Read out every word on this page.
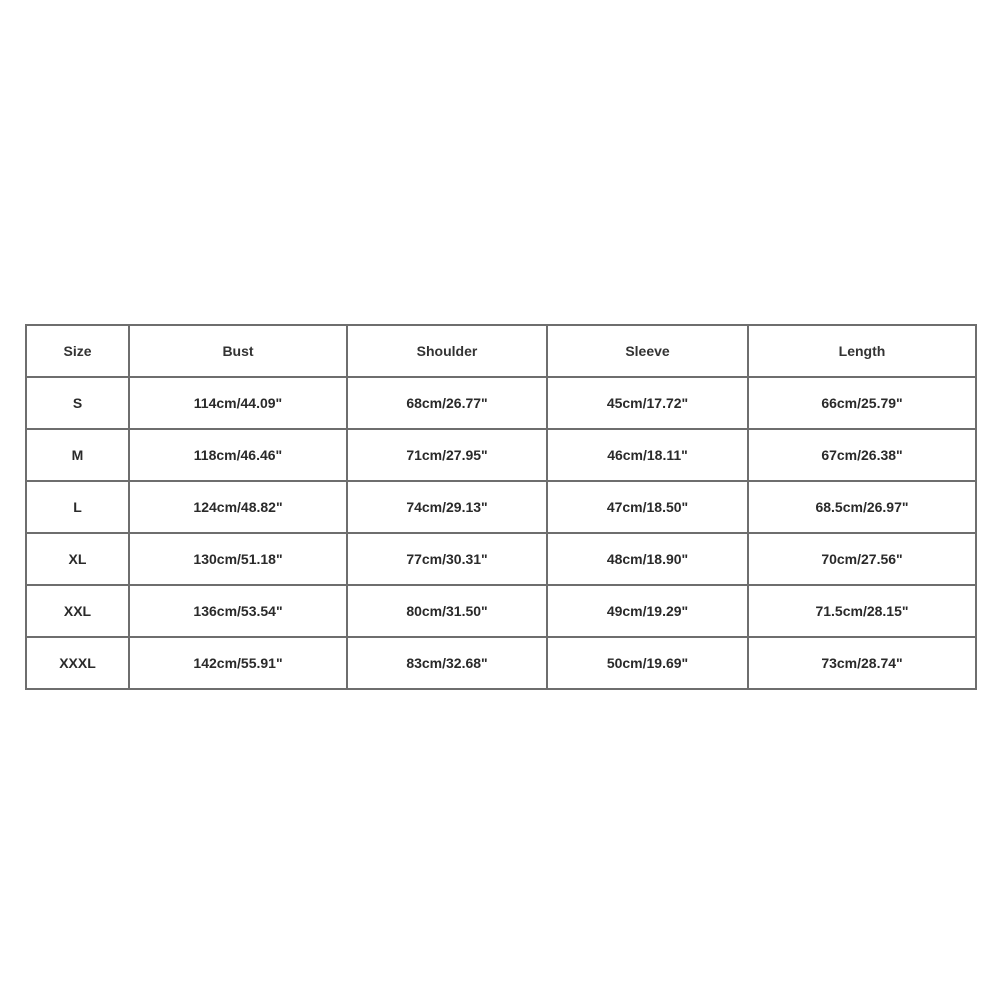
Size	Bust	Shoulder	Sleeve	Length
S	114cm/44.09"	68cm/26.77"	45cm/17.72"	66cm/25.79"
M	118cm/46.46"	71cm/27.95"	46cm/18.11"	67cm/26.38"
L	124cm/48.82"	74cm/29.13"	47cm/18.50"	68.5cm/26.97"
XL	130cm/51.18"	77cm/30.31"	48cm/18.90"	70cm/27.56"
XXL	136cm/53.54"	80cm/31.50"	49cm/19.29"	71.5cm/28.15"
XXXL	142cm/55.91"	83cm/32.68"	50cm/19.69"	73cm/28.74"
